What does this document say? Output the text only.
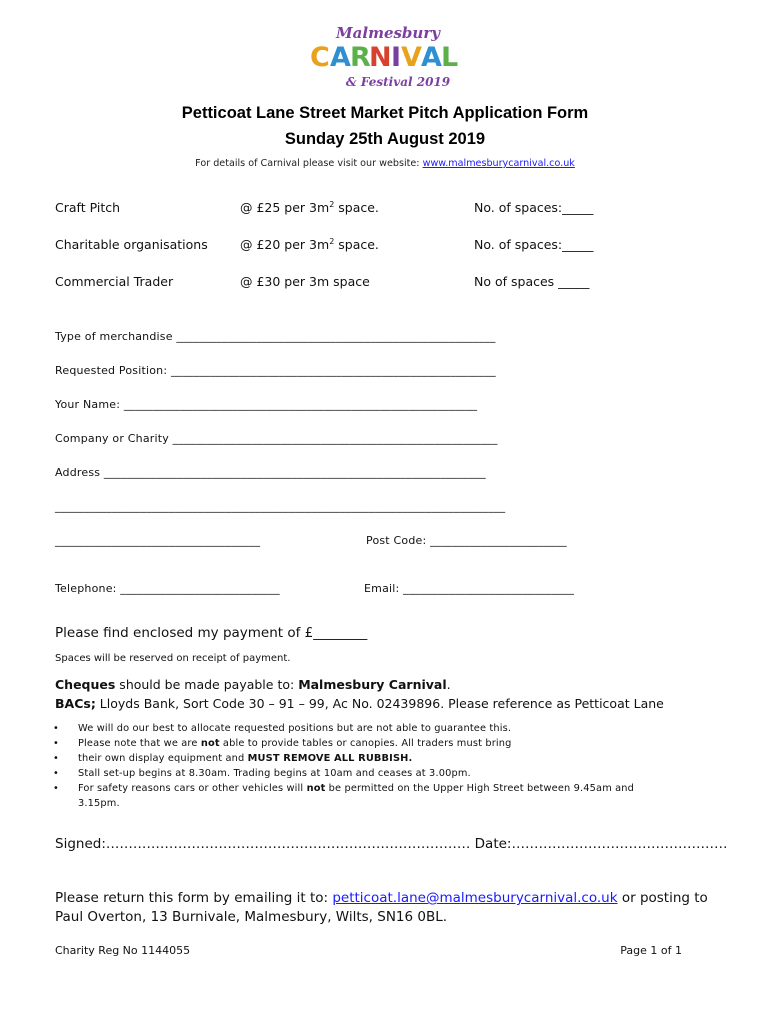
Malmesbury
C A R N I V A L
& Festival 2019
Petticoat Lane Street Market Pitch Application Form
Sunday 25th August 2019
For details of Carnival please visit our website: www.malmesburycarnival.co.uk
Craft Pitch	@ £25 per $3m^2$ space.	No. of spaces:_____
Charitable organisations	@ £20 per $3m^2$ space.	No. of spaces:_____
Commercial Trader	@ £30 per 3m space	No of spaces _____
Type of merchandise ________________________________________________________
Requested Position: _________________________________________________________
Your Name: ______________________________________________________________
Company or Charity _________________________________________________________
Address ___________________________________________________________________
_______________________________________________________________________________
____________________________________	Post Code: ________________________
Telephone: ____________________________	Email: ______________________________
Please find enclosed my payment of £________
Spaces will be reserved on receipt of payment.
Cheques should be made payable to: Malmesbury Carnival.
BACs; Lloyds Bank, Sort Code 30 – 91 – 99, Ac No. 02439896. Please reference as Petticoat Lane
• We will do our best to allocate requested positions but are not able to guarantee this.
• Please note that we are not able to provide tables or canopies. All traders must bring
• their own display equipment and MUST REMOVE ALL RUBBISH.
• Stall set-up begins at 8.30am. Trading begins at 10am and ceases at 3.00pm.
• For safety reasons cars or other vehicles will not be permitted on the Upper High Street between 9.45am and
3.15pm.
Signed:……………………………………………………………………… Date:…………………………………………
Please return this form by emailing it to: petticoat.lane@malmesburycarnival.co.uk or posting to
Paul Overton, 13 Burnivale, Malmesbury, Wilts, SN16 0BL.
Charity Reg No 1144055	Page 1 of 1
